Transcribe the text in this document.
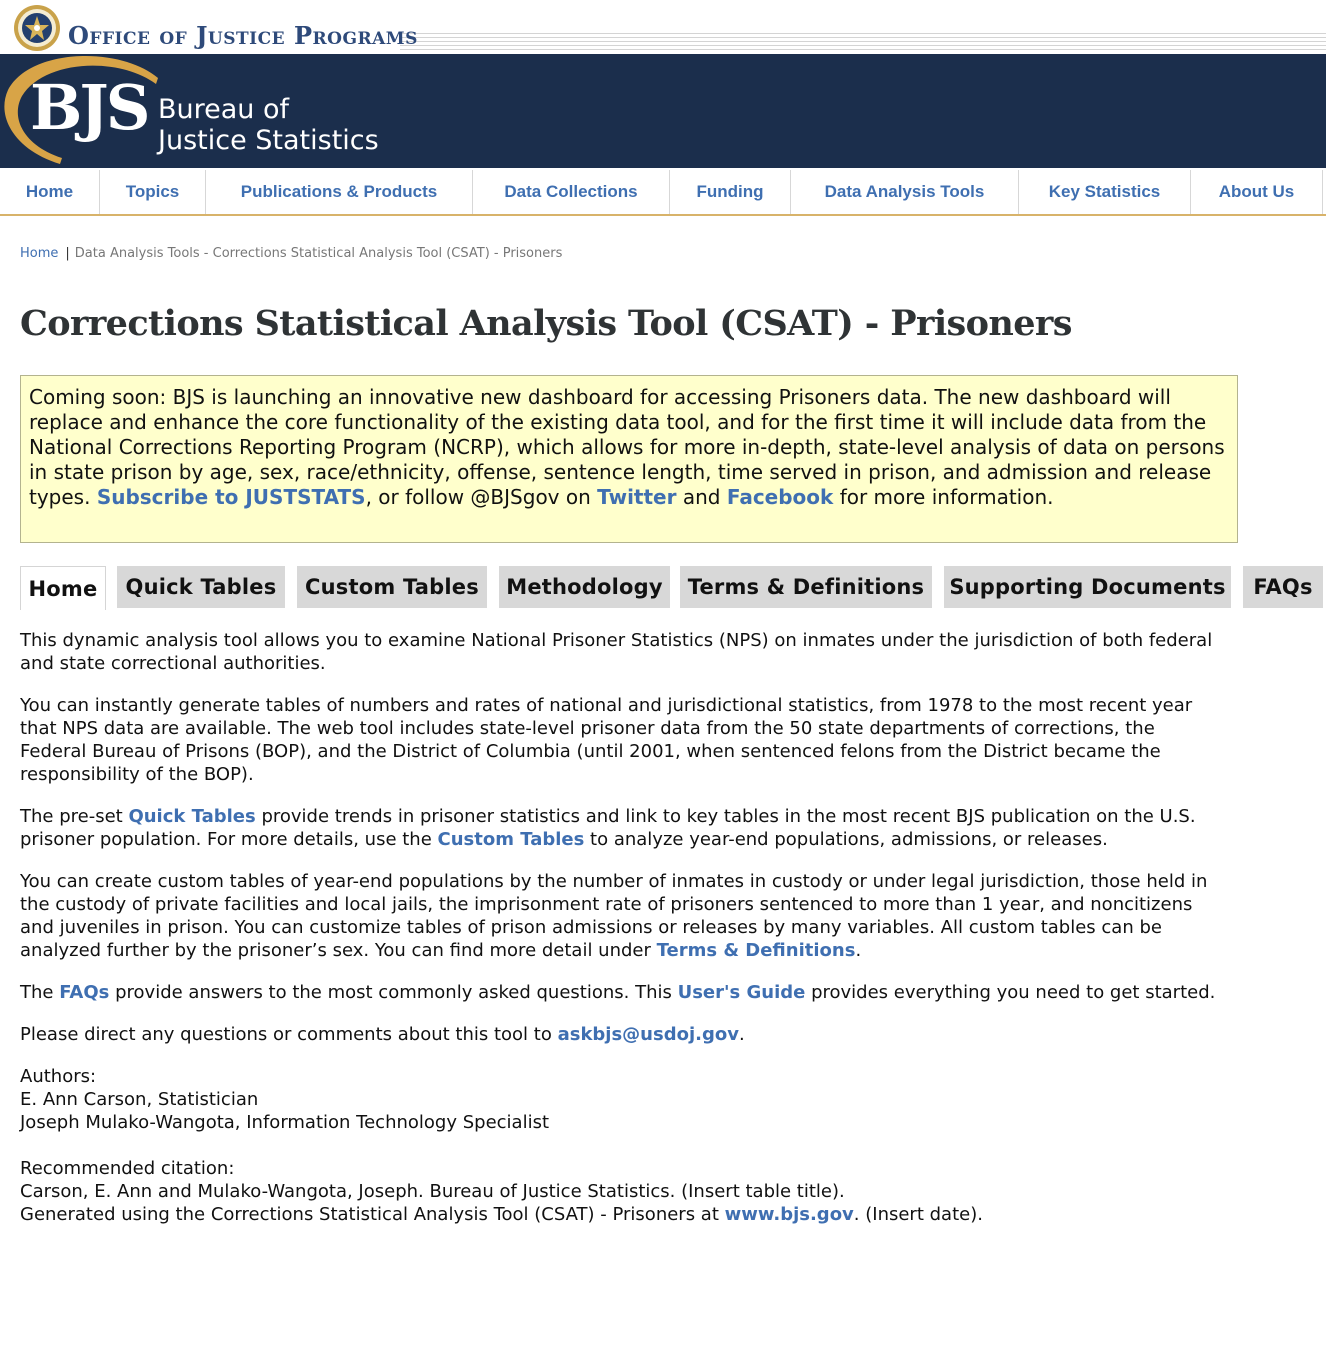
Office of Justice Programs
BJS Bureau of
Justice Statistics
Home	Topics	Publications & Products	Data Collections	Funding	Data Analysis Tools	Key Statistics	About Us
Home | Data Analysis Tools - Corrections Statistical Analysis Tool (CSAT) - Prisoners
Corrections Statistical Analysis Tool (CSAT) - Prisoners
Coming soon: BJS is launching an innovative new dashboard for accessing Prisoners data. The new dashboard will replace and enhance the core functionality of the existing data tool, and for the first time it will include data from the National Corrections Reporting Program (NCRP), which allows for more in-depth, state-level analysis of data on persons in state prison by age, sex, race/ethnicity, offense, sentence length, time served in prison, and admission and release types. Subscribe to JUSTSTATS, or follow @BJSgov on Twitter and Facebook for more information.
Home	Quick Tables	Custom Tables	Methodology	Terms & Definitions	Supporting Documents	FAQs

This dynamic analysis tool allows you to examine National Prisoner Statistics (NPS) on inmates under the jurisdiction of both federal and state correctional authorities.

You can instantly generate tables of numbers and rates of national and jurisdictional statistics, from 1978 to the most recent year that NPS data are available. The web tool includes state-level prisoner data from the 50 state departments of corrections, the Federal Bureau of Prisons (BOP), and the District of Columbia (until 2001, when sentenced felons from the District became the responsibility of the BOP).

The pre-set Quick Tables provide trends in prisoner statistics and link to key tables in the most recent BJS publication on the U.S. prisoner population. For more details, use the Custom Tables to analyze year-end populations, admissions, or releases.

You can create custom tables of year-end populations by the number of inmates in custody or under legal jurisdiction, those held in the custody of private facilities and local jails, the imprisonment rate of prisoners sentenced to more than 1 year, and noncitizens and juveniles in prison. You can customize tables of prison admissions or releases by many variables. All custom tables can be analyzed further by the prisoner’s sex. You can find more detail under Terms & Definitions.

The FAQs provide answers to the most commonly asked questions. This User's Guide provides everything you need to get started.

Please direct any questions or comments about this tool to askbjs@usdoj.gov.

Authors:
E. Ann Carson, Statistician
Joseph Mulako-Wangota, Information Technology Specialist
Recommended citation:
Carson, E. Ann and Mulako-Wangota, Joseph. Bureau of Justice Statistics. (Insert table title).
Generated using the Corrections Statistical Analysis Tool (CSAT) - Prisoners at www.bjs.gov. (Insert date).
